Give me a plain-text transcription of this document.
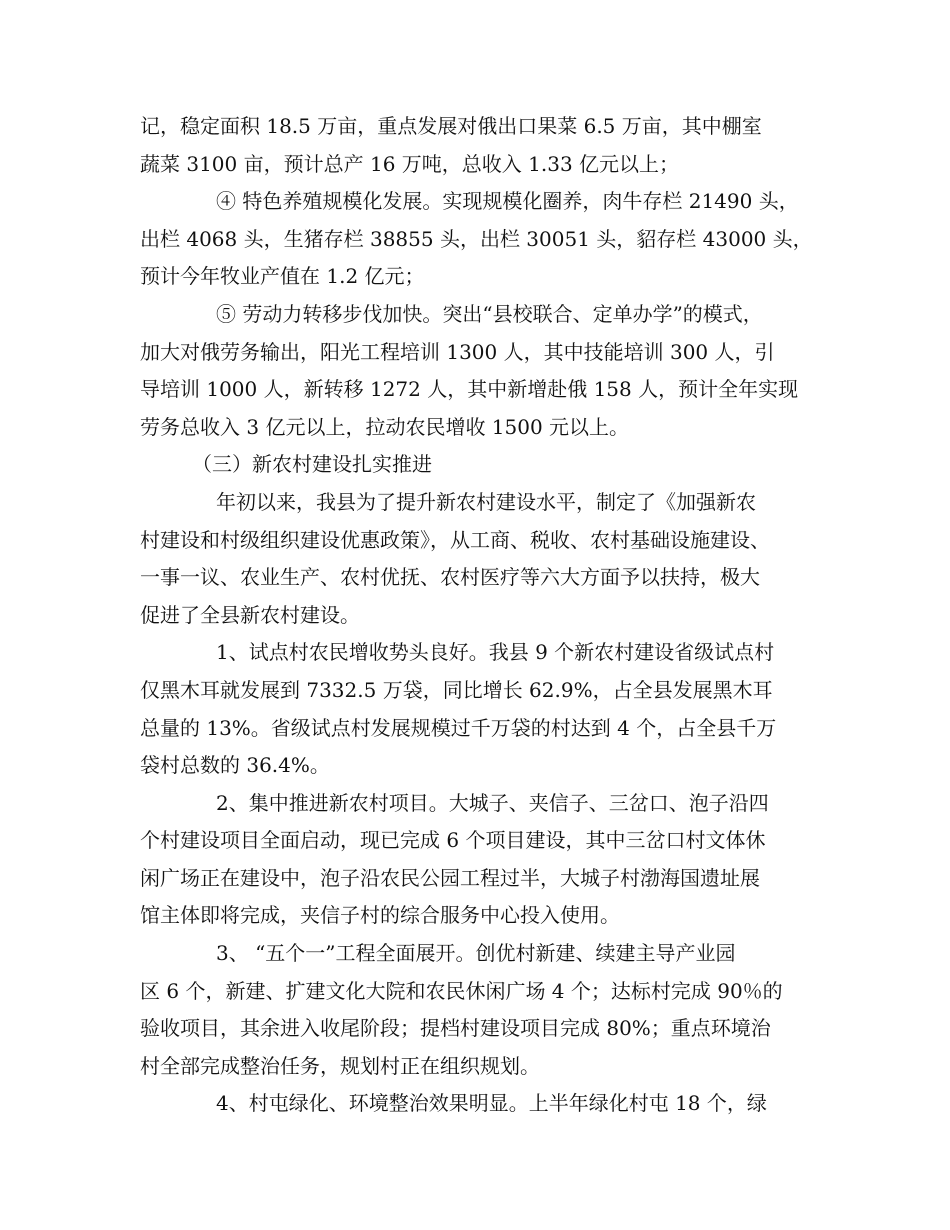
记，稳定面积 18.5 万亩，重点发展对俄出口果菜 6.5 万亩，其中棚室
蔬菜 3100 亩，预计总产 16 万吨，总收入 1.33 亿元以上；

④ 特色养殖规模化发展。实现规模化圈养，肉牛存栏 21490 头，
出栏 4068 头，生猪存栏 38855 头，出栏 30051 头，貂存栏 43000 头，
预计今年牧业产值在 1.2 亿元；

⑤ 劳动力转移步伐加快。突出“县校联合、定单办学”的模式，
加大对俄劳务输出，阳光工程培训 1300 人，其中技能培训 300 人，引
导培训 1000 人，新转移 1272 人，其中新增赴俄 158 人，预计全年实现
劳务总收入 3 亿元以上，拉动农民增收 1500 元以上。

（三）新农村建设扎实推进

年初以来，我县为了提升新农村建设水平，制定了《加强新农
村建设和村级组织建设优惠政策》，从工商、税收、农村基础设施建设、
一事一议、农业生产、农村优抚、农村医疗等六大方面予以扶持，极大
促进了全县新农村建设。

1、试点村农民增收势头良好。我县 9 个新农村建设省级试点村
仅黑木耳就发展到 7332.5 万袋，同比增长 62.9%，占全县发展黑木耳
总量的 13%。省级试点村发展规模过千万袋的村达到 4 个，占全县千万
袋村总数的 36.4%。

2、集中推进新农村项目。大城子、夹信子、三岔口、泡子沿四
个村建设项目全面启动，现已完成 6 个项目建设，其中三岔口村文体休
闲广场正在建设中，泡子沿农民公园工程过半，大城子村渤海国遗址展
馆主体即将完成，夹信子村的综合服务中心投入使用。

3、 “五个一”工程全面展开。创优村新建、续建主导产业园
区 6 个，新建、扩建文化大院和农民休闲广场 4 个；达标村完成 90％的
验收项目，其余进入收尾阶段；提档村建设项目完成 80%；重点环境治
村全部完成整治任务，规划村正在组织规划。

4、村屯绿化、环境整治效果明显。上半年绿化村屯 18 个，绿
